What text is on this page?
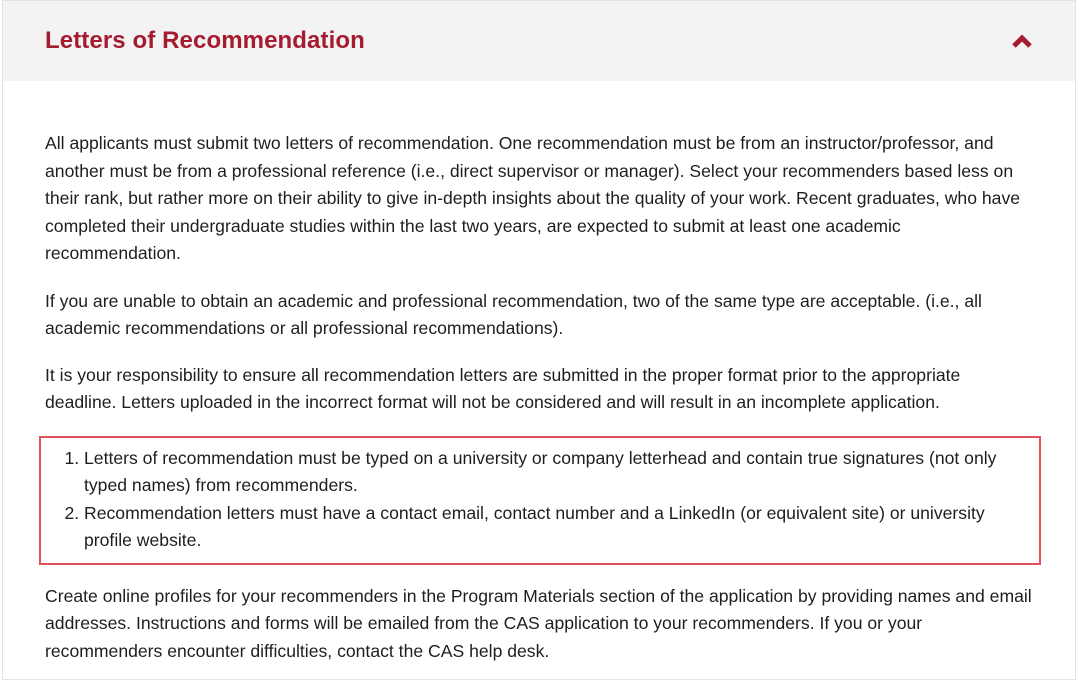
Letters of Recommendation

All applicants must submit two letters of recommendation. One recommendation must be from an instructor/professor, and another must be from a professional reference (i.e., direct supervisor or manager). Select your recommenders based less on their rank, but rather more on their ability to give in-depth insights about the quality of your work. Recent graduates, who have completed their undergraduate studies within the last two years, are expected to submit at least one academic recommendation.

If you are unable to obtain an academic and professional recommendation, two of the same type are acceptable. (i.e., all academic recommendations or all professional recommendations).

It is your responsibility to ensure all recommendation letters are submitted in the proper format prior to the appropriate deadline. Letters uploaded in the incorrect format will not be considered and will result in an incomplete application.

1. Letters of recommendation must be typed on a university or company letterhead and contain true signatures (not only typed names) from recommenders.
2. Recommendation letters must have a contact email, contact number and a LinkedIn (or equivalent site) or university profile website.

Create online profiles for your recommenders in the Program Materials section of the application by providing names and email addresses. Instructions and forms will be emailed from the CAS application to your recommenders. If you or your recommenders encounter difficulties, contact the CAS help desk.
